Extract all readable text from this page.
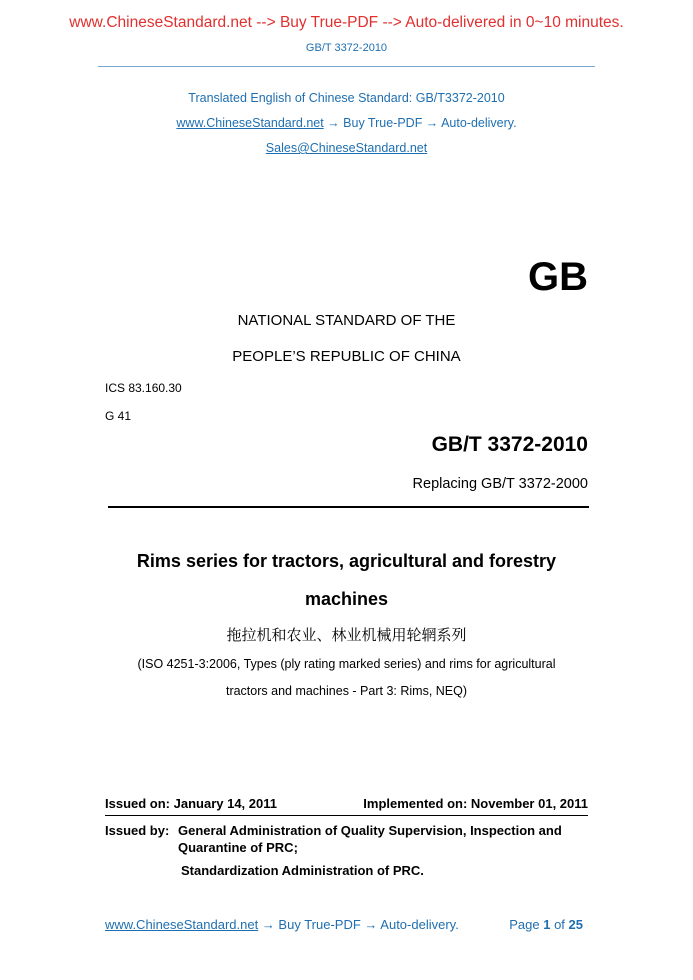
www.ChineseStandard.net --> Buy True-PDF --> Auto-delivered in 0~10 minutes.
GB/T 3372-2010
Translated English of Chinese Standard: GB/T3372-2010
www.ChineseStandard.net → Buy True-PDF → Auto-delivery.
Sales@ChineseStandard.net
GB
NATIONAL STANDARD OF THE
PEOPLE’S REPUBLIC OF CHINA
ICS 83.160.30
G 41
GB/T 3372-2010
Replacing GB/T 3372-2000
Rims series for tractors, agricultural and forestry
machines
拖拉机和农业、林业机械用轮辋系列
(ISO 4251-3:2006, Types (ply rating marked series) and rims for agricultural
tractors and machines - Part 3: Rims, NEQ)
Issued on: January 14, 2011	Implemented on: November 01, 2011
Issued by: General Administration of Quality Supervision, Inspection and
Quarantine of PRC;
Standardization Administration of PRC.
www.ChineseStandard.net → Buy True-PDF → Auto-delivery.	Page 1 of 25
